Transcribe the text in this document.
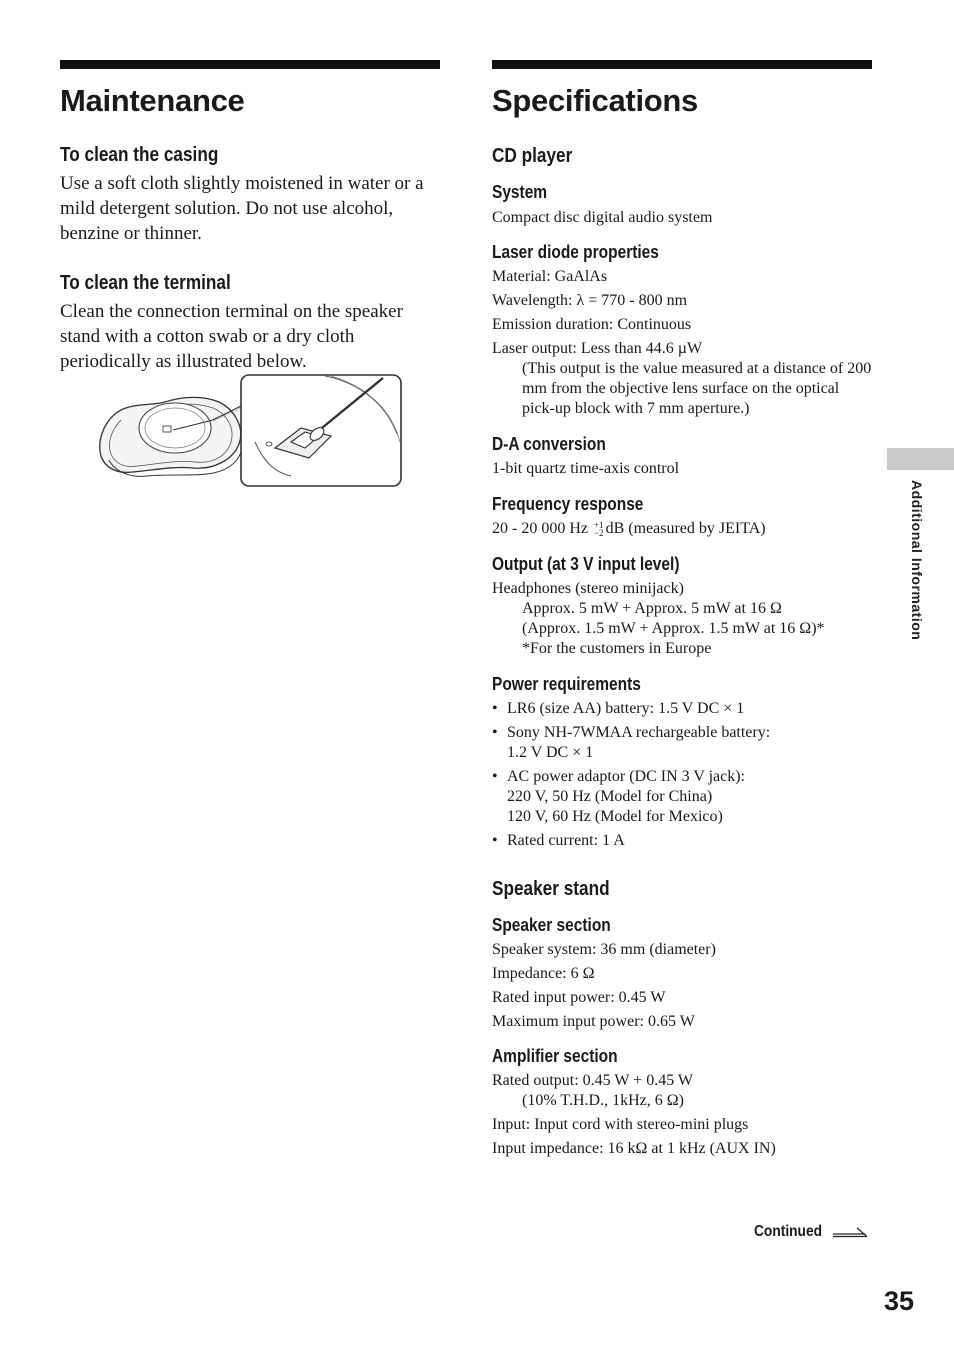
Maintenance
To clean the casing

Use a soft cloth slightly moistened in water or a mild detergent solution. Do not use alcohol, benzine or thinner.

To clean the terminal

Clean the connection terminal on the speaker stand with a cotton swab or a dry cloth periodically as illustrated below.

Specifications
CD player
System

Compact disc digital audio system

Laser diode properties

Material: GaAlAs

Wavelength: λ = 770 - 800 nm

Emission duration: Continuous

Laser output: Less than 44.6 µW

(This output is the value measured at a distance of 200 mm from the objective lens surface on the optical pick-up block with 7 mm aperture.)

D-A conversion

1-bit quartz time-axis control

Frequency response

20 - 20 000 Hz +1
−2 dB (measured by JEITA)

Output (at 3 V input level)

Headphones (stereo minijack)

Approx. 5 mW + Approx. 5 mW at 16 Ω

(Approx. 1.5 mW + Approx. 1.5 mW at 16 Ω)*

*For the customers in Europe

Power requirements
• LR6 (size AA) battery: 1.5 V DC × 1
• Sony NH-7WMAA rechargeable battery:
1.2 V DC × 1
• AC power adaptor (DC IN 3 V jack):
220 V, 50 Hz (Model for China)
120 V, 60 Hz (Model for Mexico)
• Rated current: 1 A
Speaker stand
Speaker section

Speaker system: 36 mm (diameter)

Impedance: 6 Ω

Rated input power: 0.45 W

Maximum input power: 0.65 W

Amplifier section

Rated output: 0.45 W + 0.45 W

(10% T.H.D., 1kHz, 6 Ω)

Input: Input cord with stereo-mini plugs

Input impedance: 16 kΩ at 1 kHz (AUX IN)

Additional Information
Continued
35
